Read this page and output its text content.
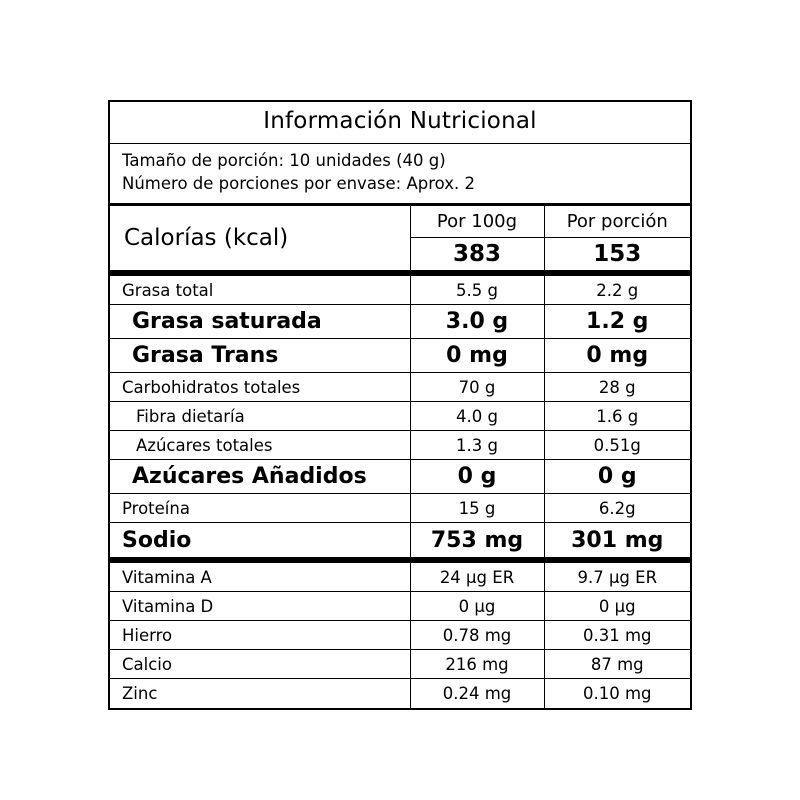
Información Nutricional
Tamaño de porción: 10 unidades (40 g)
Número de porciones por envase: Aprox. 2
Calorías (kcal)	Por 100g	Por porción
	383	153
Grasa total	5.5 g	2.2 g
Grasa saturada	3.0 g	1.2 g
Grasa Trans	0 mg	0 mg
Carbohidratos totales	70 g	28 g
Fibra dietaría	4.0 g	1.6 g
Azúcares totales	1.3 g	0.51g
Azúcares Añadidos	0 g	0 g
Proteína	15 g	6.2g
Sodio	753 mg	301 mg
Vitamina A	24 µg ER	9.7 µg ER
Vitamina D	0 µg	0 µg
Hierro	0.78 mg	0.31 mg
Calcio	216 mg	87 mg
Zinc	0.24 mg	0.10 mg
